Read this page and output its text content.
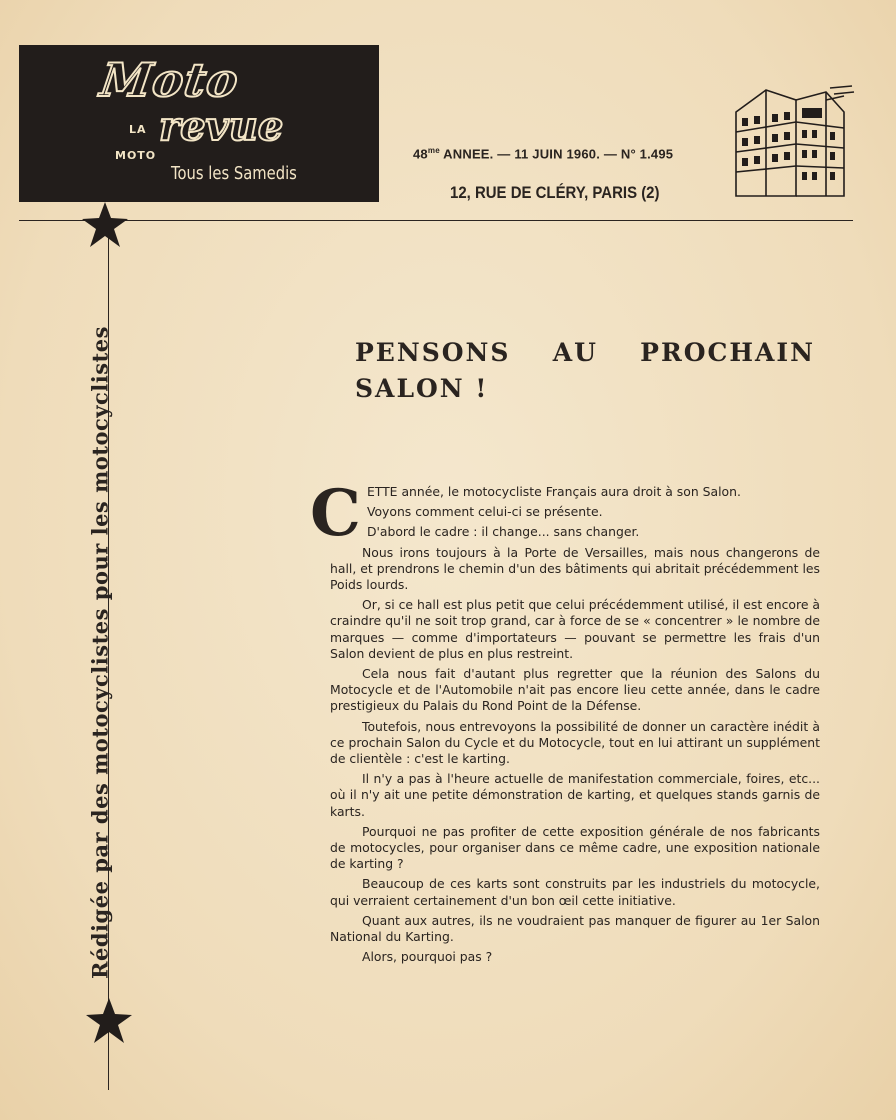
Moto
LA revue
MOTO
Tous les Samedis
$48^{me}$ ANNEE. — 11 JUIN 1960. — N° 1.495
12, RUE DE CLÉRY, PARIS (2)
Rédigée par des motocyclistes pour les motocyclistes	PENSONS AU PROCHAIN
SALON !
C ETTE année, le motocycliste Français aura droit à son Salon.

Voyons comment celui-ci se présente.

D'abord le cadre : il change... sans changer.

Nous irons toujours à la Porte de Versailles, mais nous changerons de hall, et prendrons le chemin d'un des bâtiments qui abritait précédemment les Poids lourds.

Or, si ce hall est plus petit que celui précédemment utilisé, il est encore à craindre qu'il ne soit trop grand, car à force de se « concentrer » le nombre de marques — comme d'importateurs — pouvant se permettre les frais d'un Salon devient de plus en plus restreint.

Cela nous fait d'autant plus regretter que la réunion des Salons du Motocycle et de l'Automobile n'ait pas encore lieu cette année, dans le cadre prestigieux du Palais du Rond Point de la Défense.

Toutefois, nous entrevoyons la possibilité de donner un caractère inédit à ce prochain Salon du Cycle et du Motocycle, tout en lui attirant un supplément de clientèle : c'est le karting.

Il n'y a pas à l'heure actuelle de manifestation commerciale, foires, etc... où il n'y ait une petite démonstration de karting, et quelques stands garnis de karts.

Pourquoi ne pas profiter de cette exposition générale de nos fabricants de motocycles, pour organiser dans ce même cadre, une exposition nationale de karting ?

Beaucoup de ces karts sont construits par les industriels du motocycle, qui verraient certainement d'un bon œil cette initiative.

Quant aux autres, ils ne voudraient pas manquer de figurer au 1er Salon National du Karting.

Alors, pourquoi pas ?
